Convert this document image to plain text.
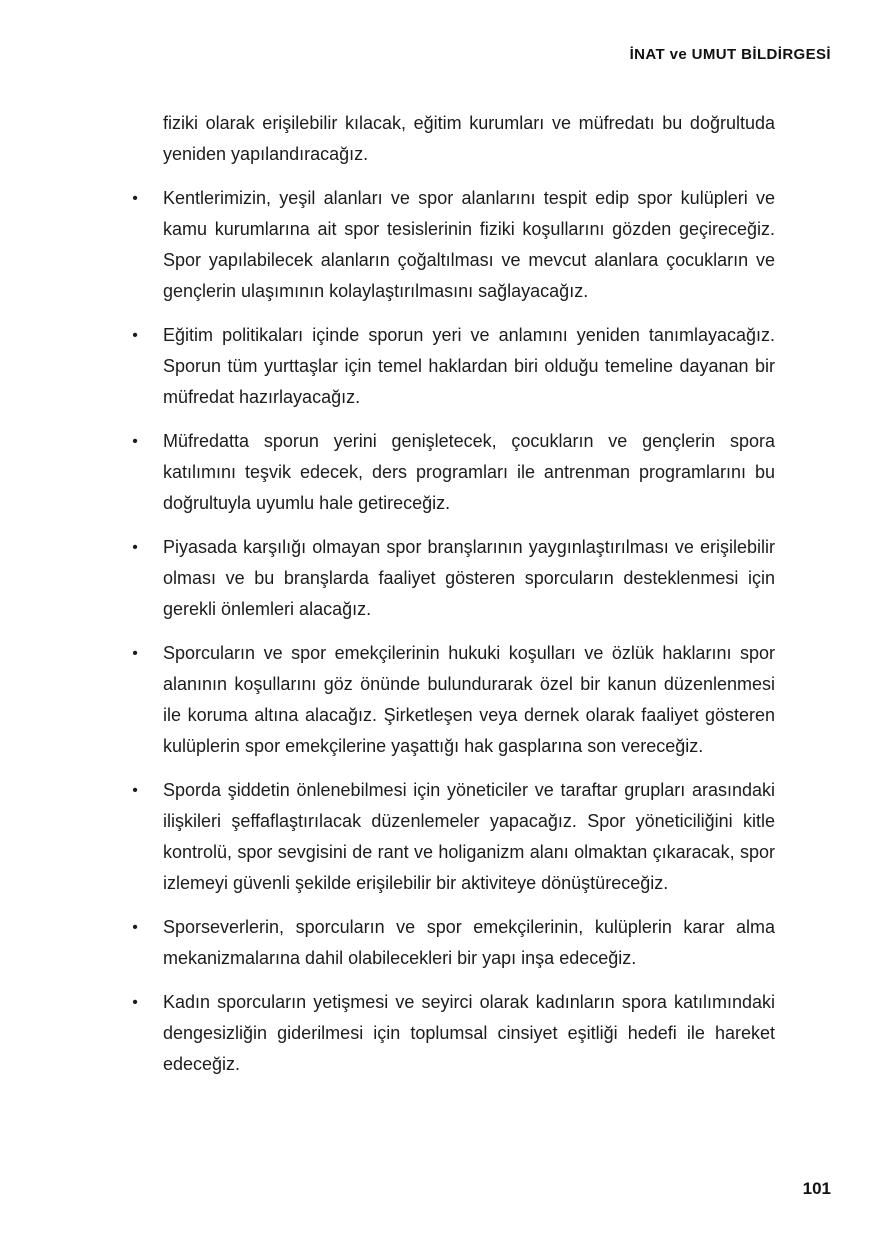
İNAT ve UMUT BİLDİRGESİ

fiziki olarak erişilebilir kılacak, eğitim kurumları ve müfredatı bu doğrultuda yeniden yapılandıracağız.

•	Kentlerimizin, yeşil alanları ve spor alanlarını tespit edip spor kulüpleri ve kamu kurumlarına ait spor tesislerinin fiziki koşullarını gözden geçireceğiz. Spor yapılabilecek alanların çoğaltılması ve mevcut alanlara çocukların ve gençlerin ulaşımının kolaylaştırılmasını sağlayacağız.
•	Eğitim politikaları içinde sporun yeri ve anlamını yeniden tanımlayacağız. Sporun tüm yurttaşlar için temel haklardan biri olduğu temeline dayanan bir müfredat hazırlayacağız.
•	Müfredatta sporun yerini genişletecek, çocukların ve gençlerin spora katılımını teşvik edecek, ders programları ile antrenman programlarını bu doğrultuyla uyumlu hale getireceğiz.
•	Piyasada karşılığı olmayan spor branşlarının yaygınlaştırılması ve erişilebilir olması ve bu branşlarda faaliyet gösteren sporcuların desteklenmesi için gerekli önlemleri alacağız.
•	Sporcuların ve spor emekçilerinin hukuki koşulları ve özlük haklarını spor alanının koşullarını göz önünde bulundurarak özel bir kanun düzenlenmesi ile koruma altına alacağız. Şirketleşen veya dernek olarak faaliyet gösteren kulüplerin spor emekçilerine yaşattığı hak gasplarına son vereceğiz.
•	Sporda şiddetin önlenebilmesi için yöneticiler ve taraftar grupları arasındaki ilişkileri şeffaflaştırılacak düzenlemeler yapacağız. Spor yöneticiliğini kitle kontrolü, spor sevgisini de rant ve holiganizm alanı olmaktan çıkaracak, spor izlemeyi güvenli şekilde erişilebilir bir aktiviteye dönüştüreceğiz.
•	Sporseverlerin, sporcuların ve spor emekçilerinin, kulüplerin karar alma mekanizmalarına dahil olabilecekleri bir yapı inşa edeceğiz.
•	Kadın sporcuların yetişmesi ve seyirci olarak kadınların spora katılımındaki dengesizliğin giderilmesi için toplumsal cinsiyet eşitliği hedefi ile hareket edeceğiz.
101
